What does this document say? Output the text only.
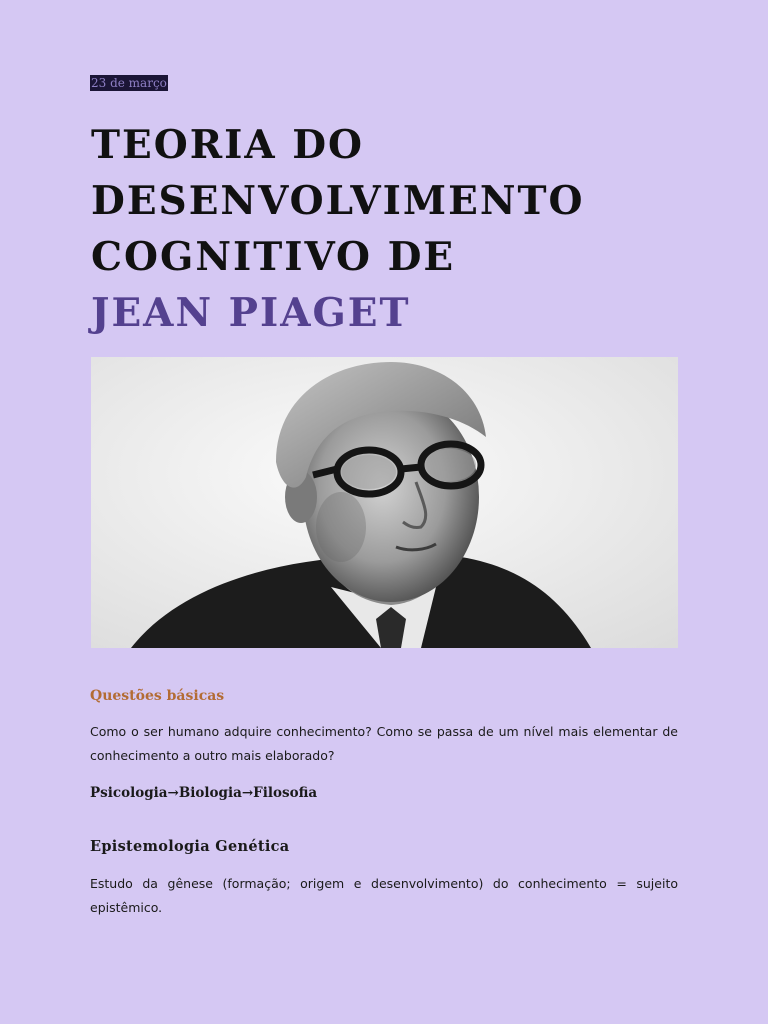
23 de março
TEORIA DO
DESENVOLVIMENTO
COGNITIVO DE
JEAN PIAGET
Questões básicas

Como o ser humano adquire conhecimento? Como se passa de um nível mais elementar de conhecimento a outro mais elaborado?

Psicologia→Biologia→Filosofia

Epistemologia Genética

Estudo da gênese (formação; origem e desenvolvimento) do conhecimento = sujeito epistêmico.
